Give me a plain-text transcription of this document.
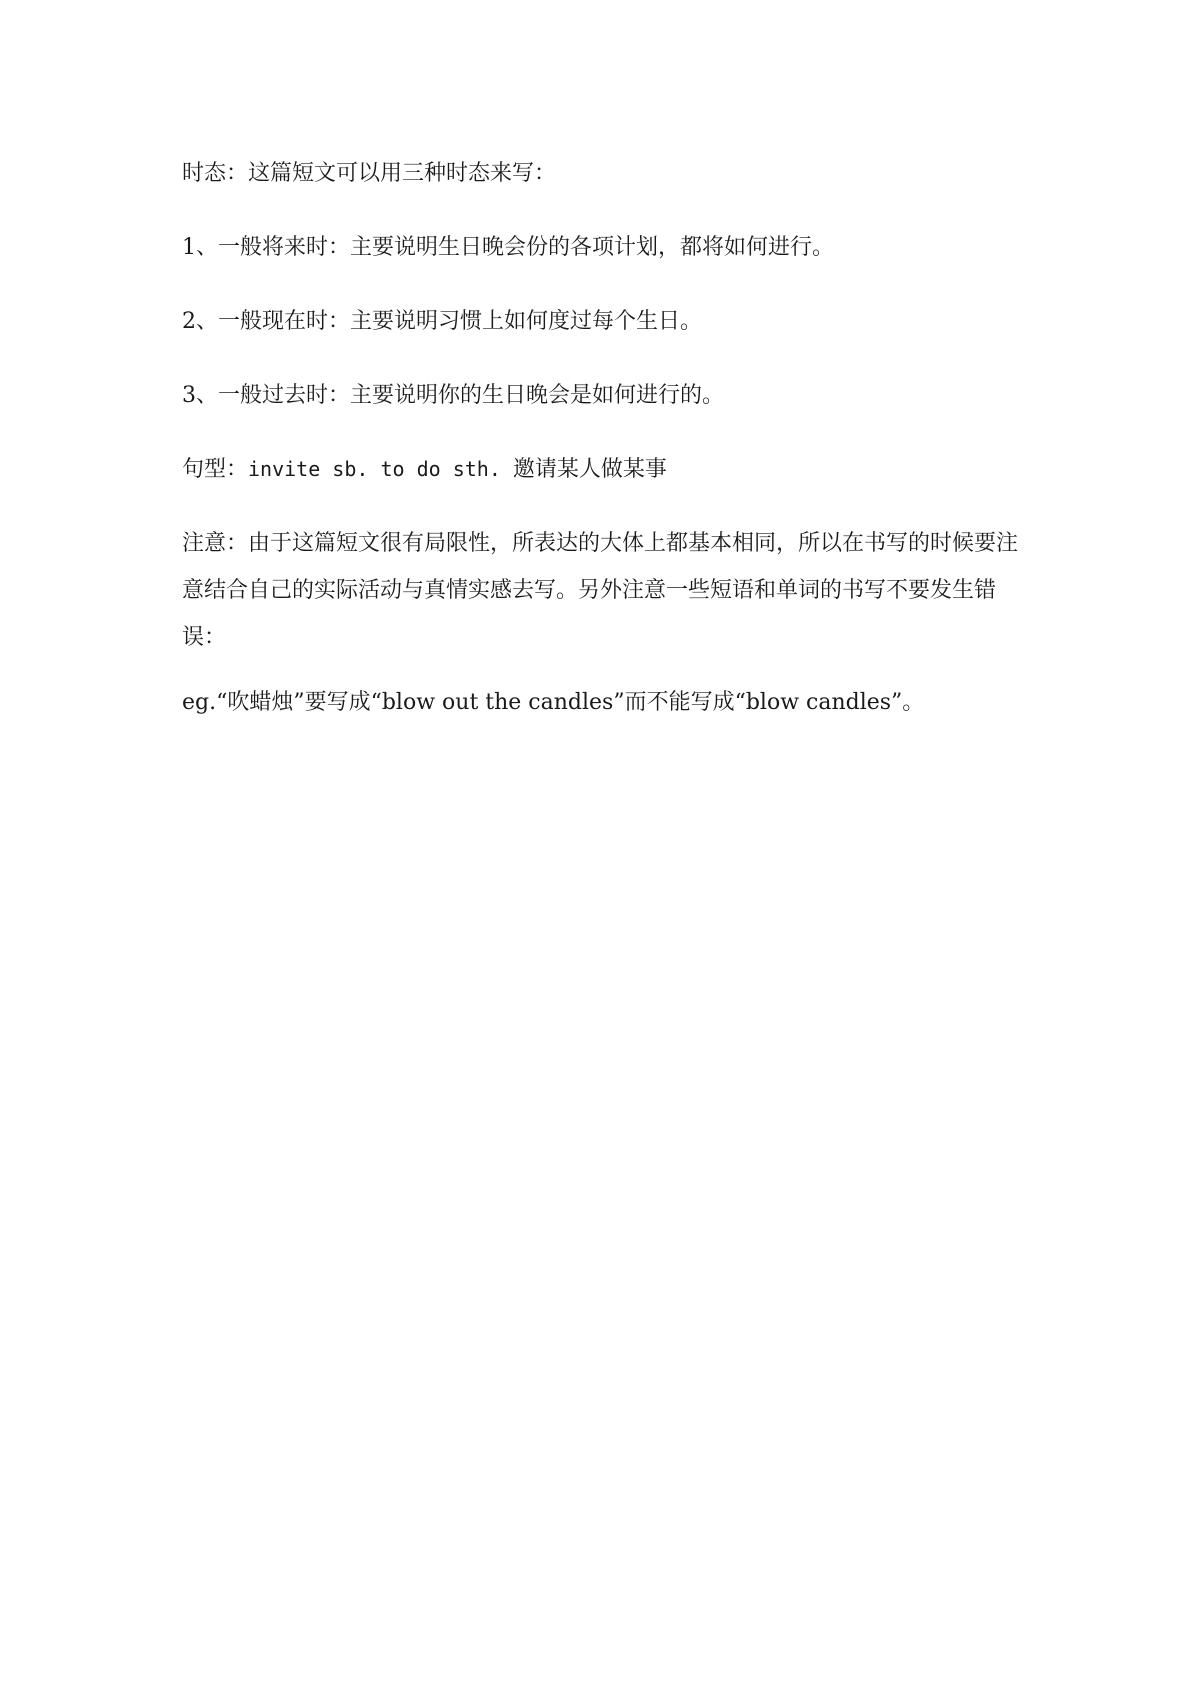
时态：这篇短文可以用三种时态来写：

1、一般将来时：主要说明生日晚会份的各项计划，都将如何进行。

2、一般现在时：主要说明习惯上如何度过每个生日。

3、一般过去时：主要说明你的生日晚会是如何进行的。

句型：invite sb. to do sth. 邀请某人做某事

注意：由于这篇短文很有局限性，所表达的大体上都基本相同，所以在书写的时候要注意结合自己的实际活动与真情实感去写。另外注意一些短语和单词的书写不要发生错误：

eg.“吹蜡烛”要写成“blow out the candles”而不能写成“blow candles”。
